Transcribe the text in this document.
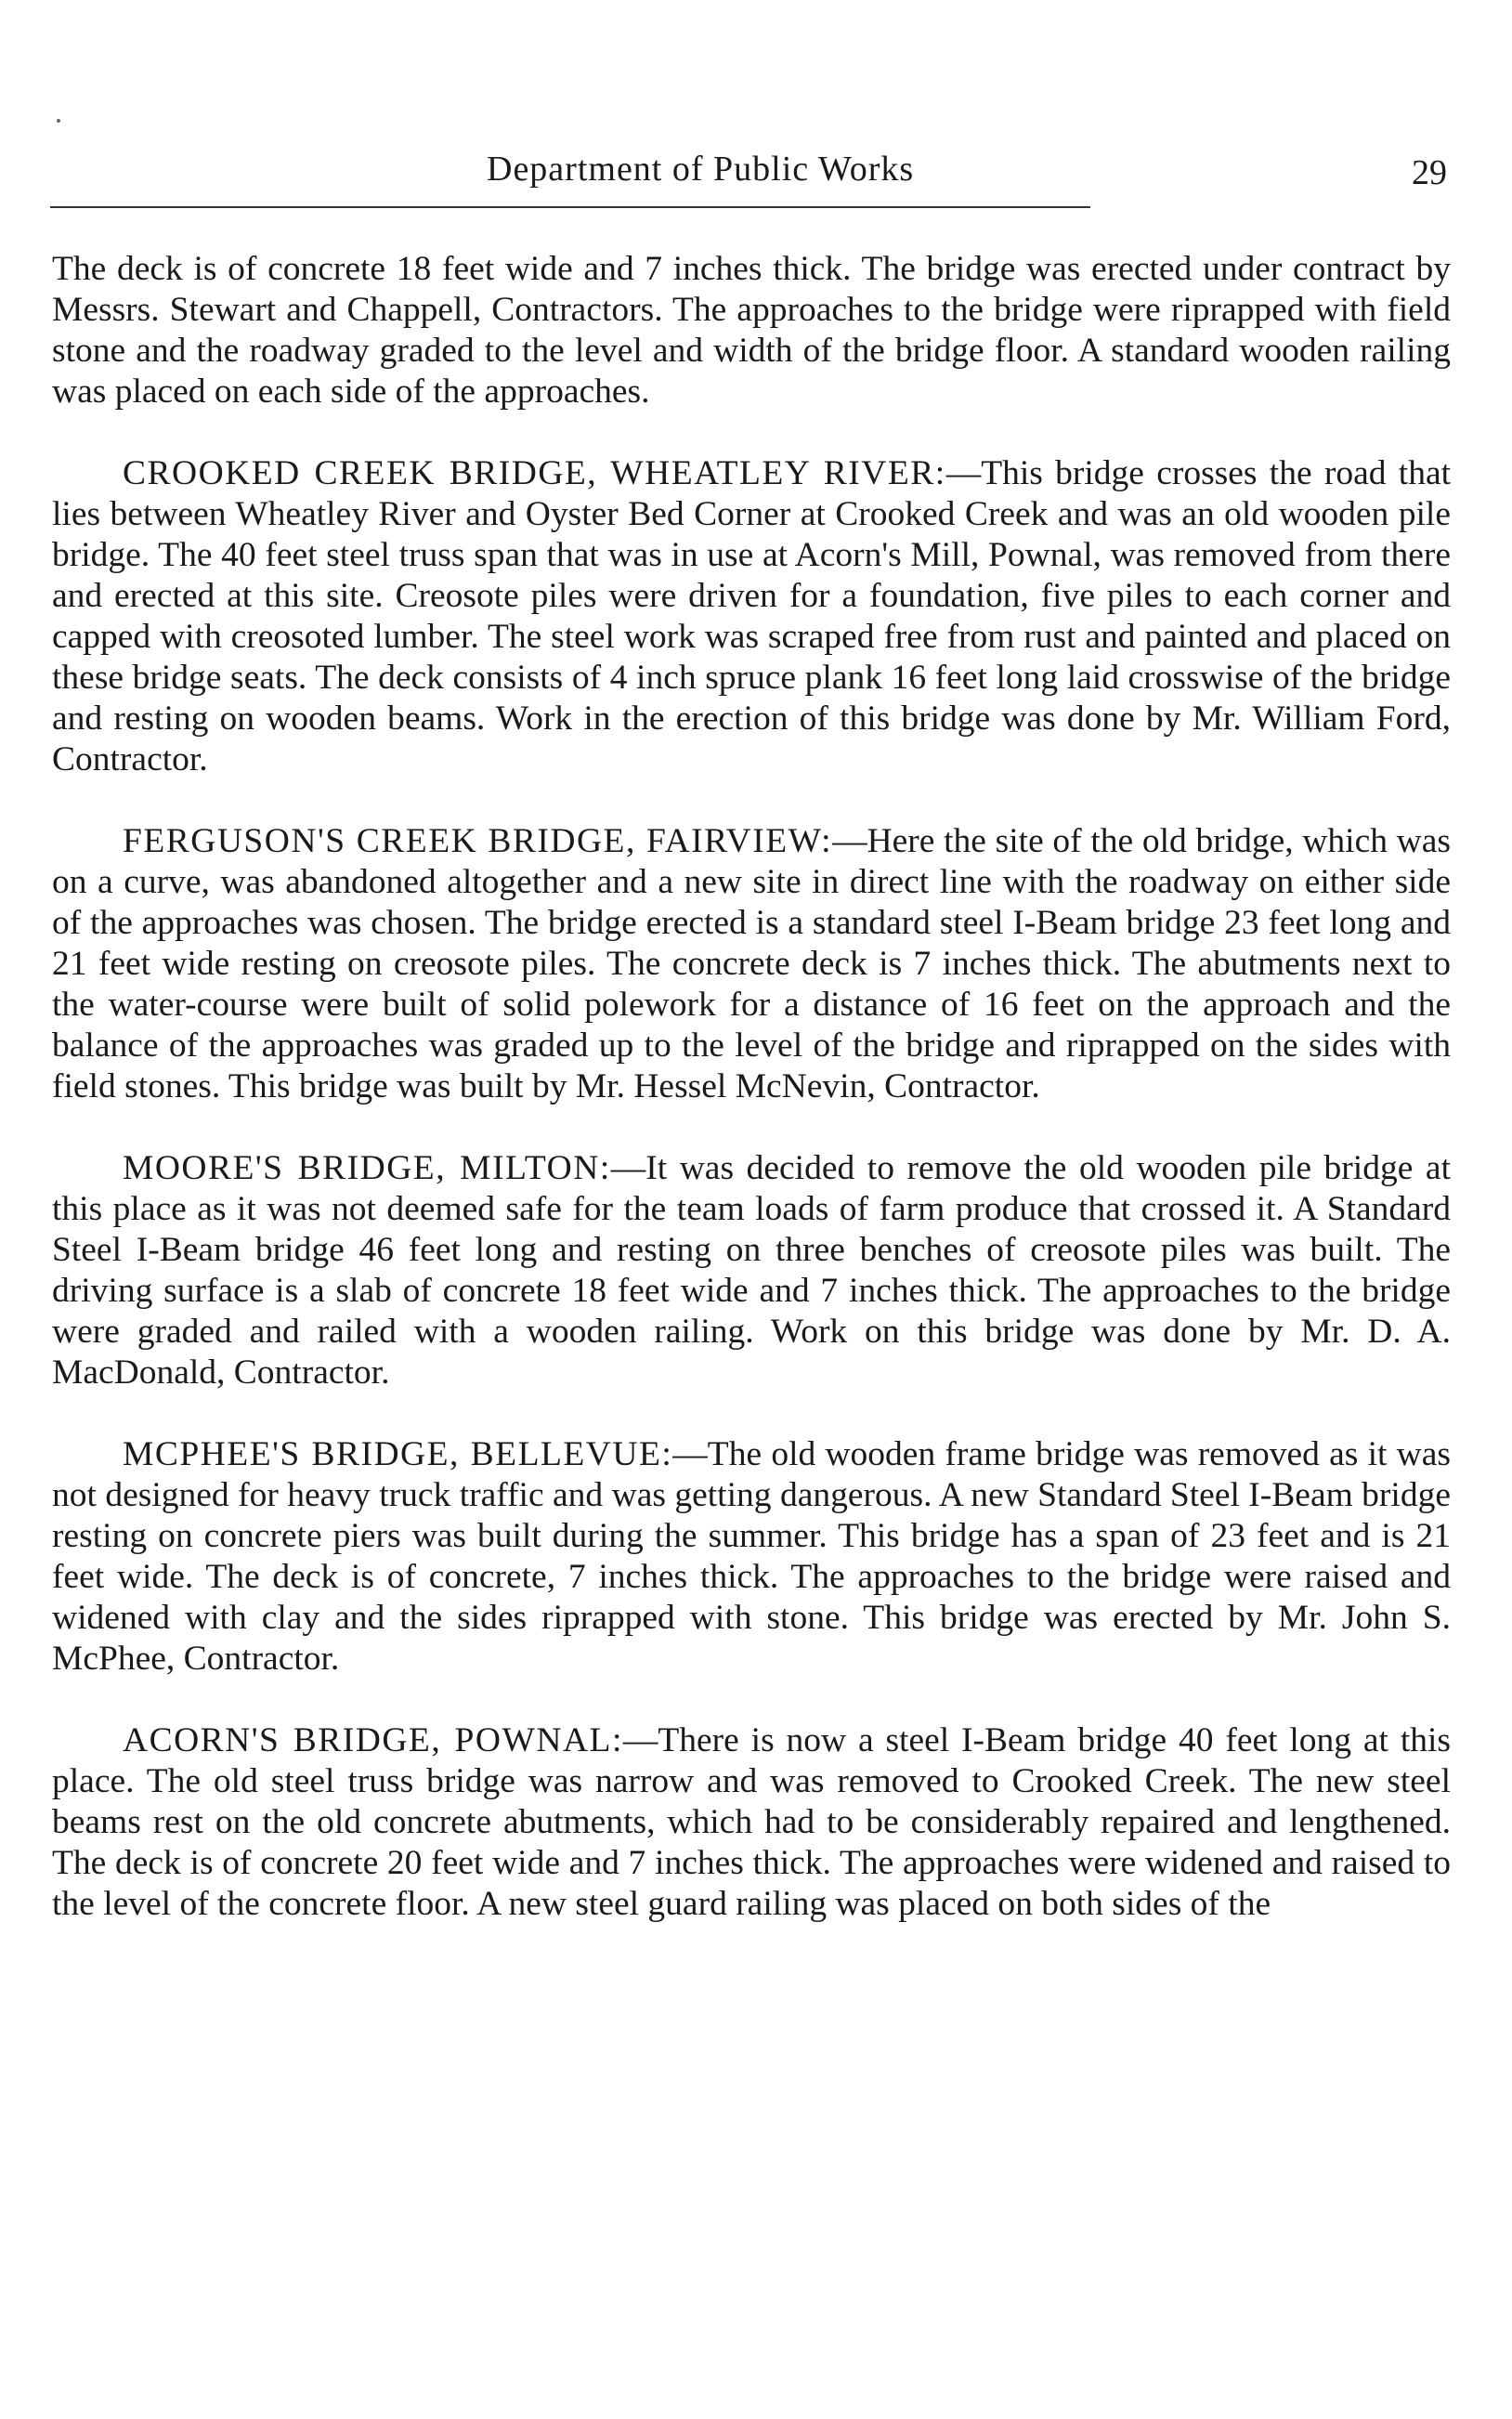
Department of Public Works	29

The deck is of concrete 18 feet wide and 7 inches thick. The bridge was erected under contract by Messrs. Stewart and Chappell, Contractors. The approaches to the bridge were riprapped with field stone and the roadway graded to the level and width of the bridge floor. A standard wooden railing was placed on each side of the approaches.

CROOKED CREEK BRIDGE, WHEATLEY RIVER:—This bridge crosses the road that lies between Wheatley River and Oyster Bed Corner at Crooked Creek and was an old wooden pile bridge. The 40 feet steel truss span that was in use at Acorn's Mill, Pownal, was removed from there and erected at this site. Creosote piles were driven for a foundation, five piles to each corner and capped with creosoted lumber. The steel work was scraped free from rust and painted and placed on these bridge seats. The deck consists of 4 inch spruce plank 16 feet long laid crosswise of the bridge and resting on wooden beams. Work in the erection of this bridge was done by Mr. William Ford, Contractor.

FERGUSON'S CREEK BRIDGE, FAIRVIEW:—Here the site of the old bridge, which was on a curve, was abandoned altogether and a new site in direct line with the roadway on either side of the approaches was chosen. The bridge erected is a standard steel I-Beam bridge 23 feet long and 21 feet wide resting on creosote piles. The concrete deck is 7 inches thick. The abutments next to the water-course were built of solid polework for a distance of 16 feet on the approach and the balance of the approaches was graded up to the level of the bridge and riprapped on the sides with field stones. This bridge was built by Mr. Hessel McNevin, Contractor.

MOORE'S BRIDGE, MILTON:—It was decided to remove the old wooden pile bridge at this place as it was not deemed safe for the team loads of farm produce that crossed it. A Standard Steel I-Beam bridge 46 feet long and resting on three benches of creosote piles was built. The driving surface is a slab of concrete 18 feet wide and 7 inches thick. The approaches to the bridge were graded and railed with a wooden railing. Work on this bridge was done by Mr. D. A. MacDonald, Contractor.

MCPHEE'S BRIDGE, BELLEVUE:—The old wooden frame bridge was removed as it was not designed for heavy truck traffic and was getting dangerous. A new Standard Steel I-Beam bridge resting on concrete piers was built during the summer. This bridge has a span of 23 feet and is 21 feet wide. The deck is of concrete, 7 inches thick. The approaches to the bridge were raised and widened with clay and the sides riprapped with stone. This bridge was erected by Mr. John S. McPhee, Contractor.

ACORN'S BRIDGE, POWNAL:—There is now a steel I-Beam bridge 40 feet long at this place. The old steel truss bridge was narrow and was removed to Crooked Creek. The new steel beams rest on the old concrete abutments, which had to be considerably repaired and lengthened. The deck is of concrete 20 feet wide and 7 inches thick. The approaches were widened and raised to the level of the concrete floor. A new steel guard railing was placed on both sides of the
